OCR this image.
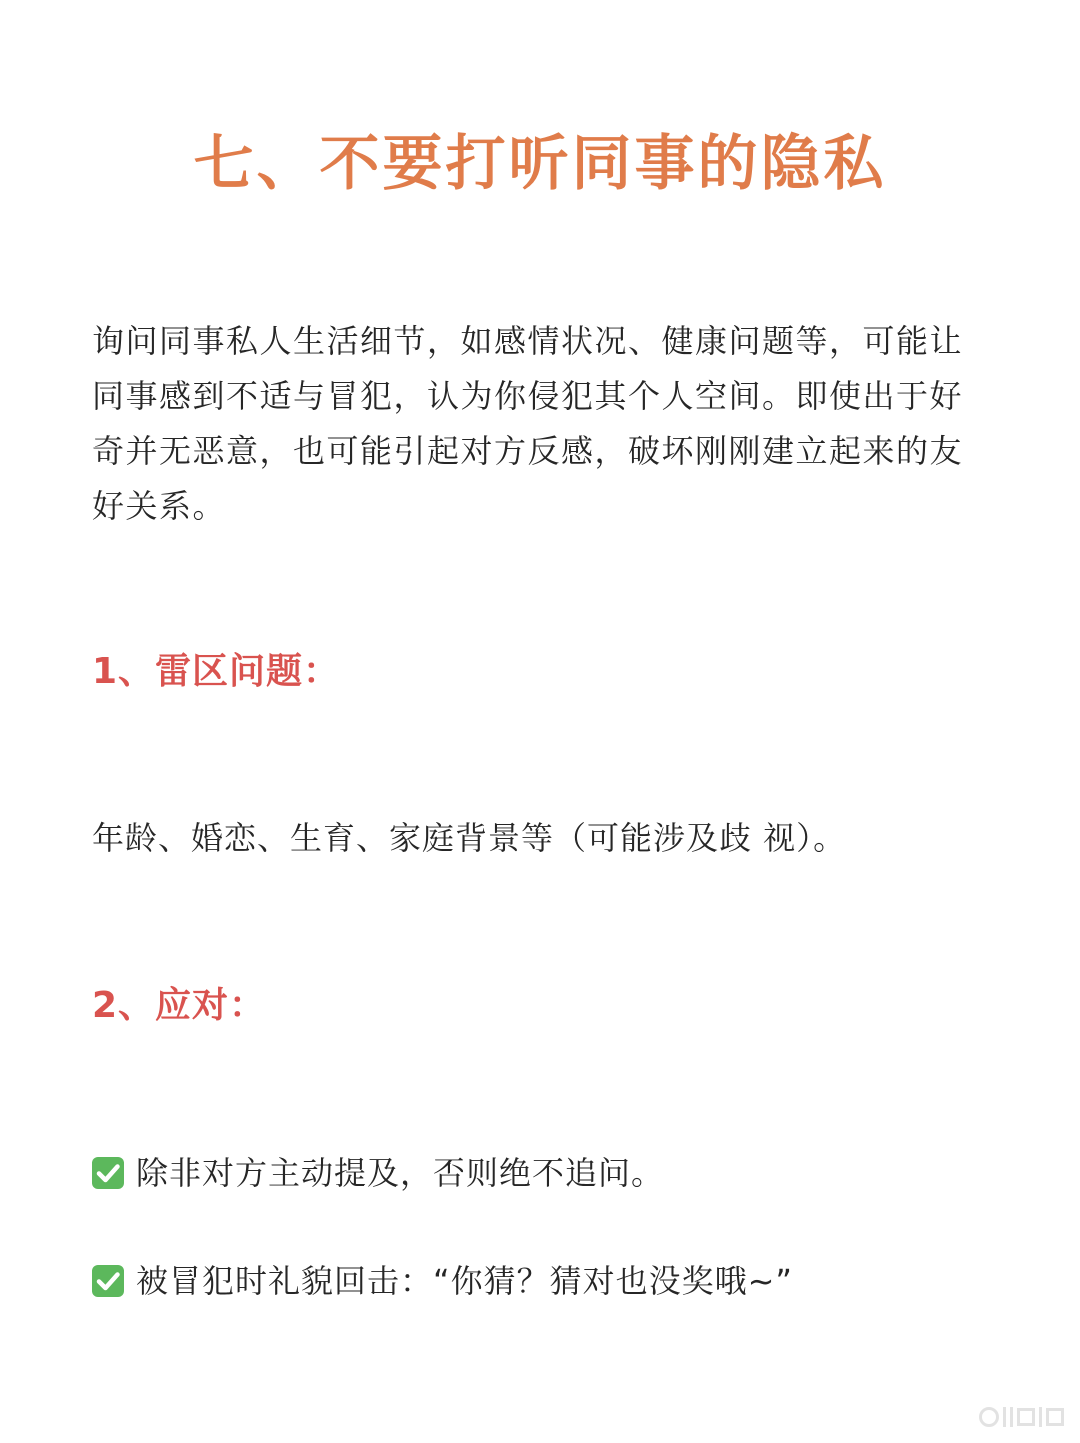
七、不要打听同事的隐私

询问同事私人生活细节，如感情状况、健康问题等，可能让同事感到不适与冒犯，认为你侵犯其个人空间。即使出于好奇并无恶意，也可能引起对方反感，破坏刚刚建立起来的友好关系。

1、雷区问题：

年龄、婚恋、生育、家庭背景等（可能涉及歧 视）。

2、应对：
除非对方主动提及，否则绝不追问。
被冒犯时礼貌回击：“你猜？猜对也没奖哦~”
